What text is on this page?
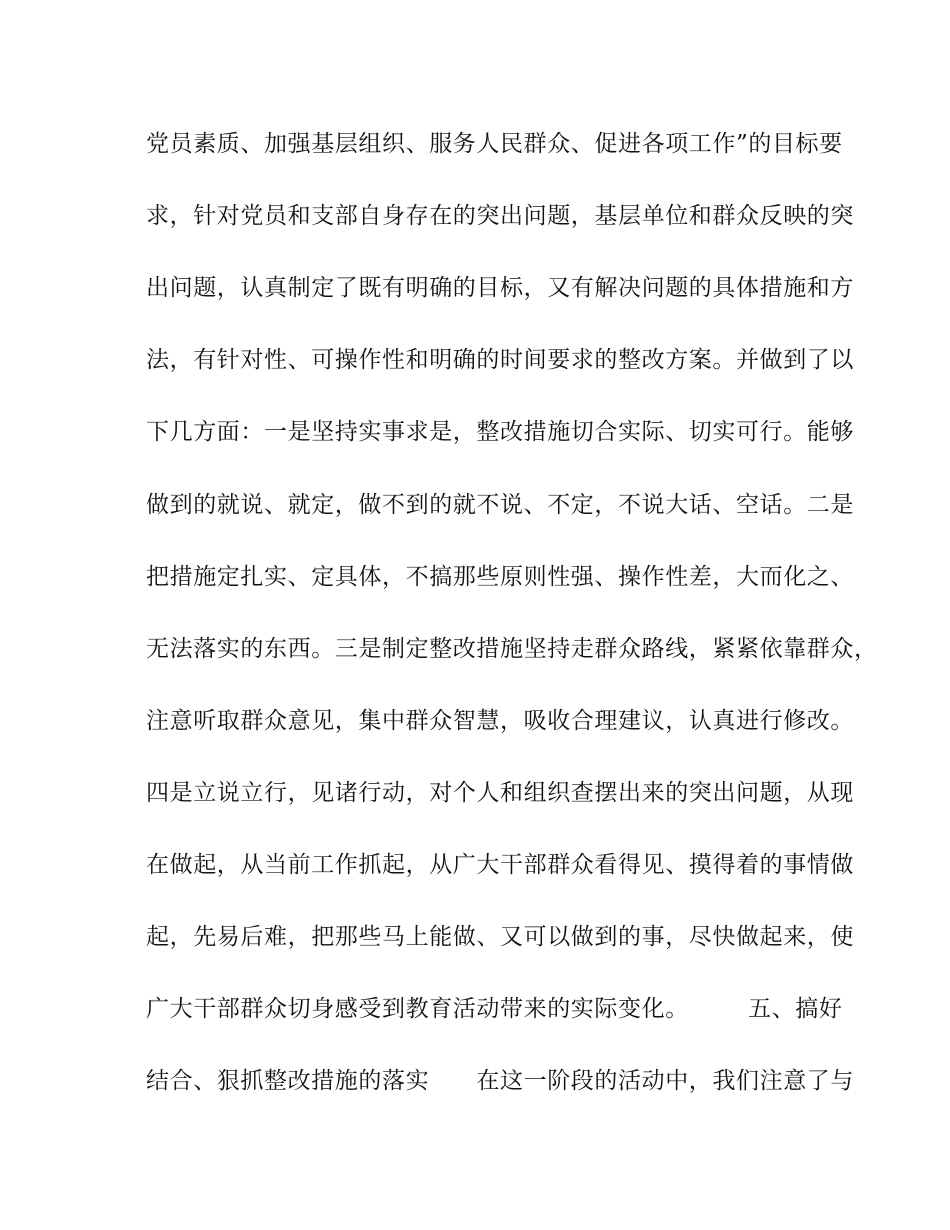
党员素质、加强基层组织、服务人民群众、促进各项工作”的目标要
求，针对党员和支部自身存在的突出问题，基层单位和群众反映的突
出问题，认真制定了既有明确的目标，又有解决问题的具体措施和方
法，有针对性、可操作性和明确的时间要求的整改方案。并做到了以
下几方面：一是坚持实事求是，整改措施切合实际、切实可行。能够
做到的就说、就定，做不到的就不说、不定，不说大话、空话。二是
把措施定扎实、定具体，不搞那些原则性强、操作性差，大而化之、
无法落实的东西。三是制定整改措施坚持走群众路线，紧紧依靠群众，
注意听取群众意见，集中群众智慧，吸收合理建议，认真进行修改。
四是立说立行，见诸行动，对个人和组织查摆出来的突出问题，从现
在做起，从当前工作抓起，从广大干部群众看得见、摸得着的事情做
起，先易后难，把那些马上能做、又可以做到的事，尽快做起来，使
广大干部群众切身感受到教育活动带来的实际变化。　　　五、搞好
结合、狠抓整改措施的落实　　在这一阶段的活动中，我们注意了与
